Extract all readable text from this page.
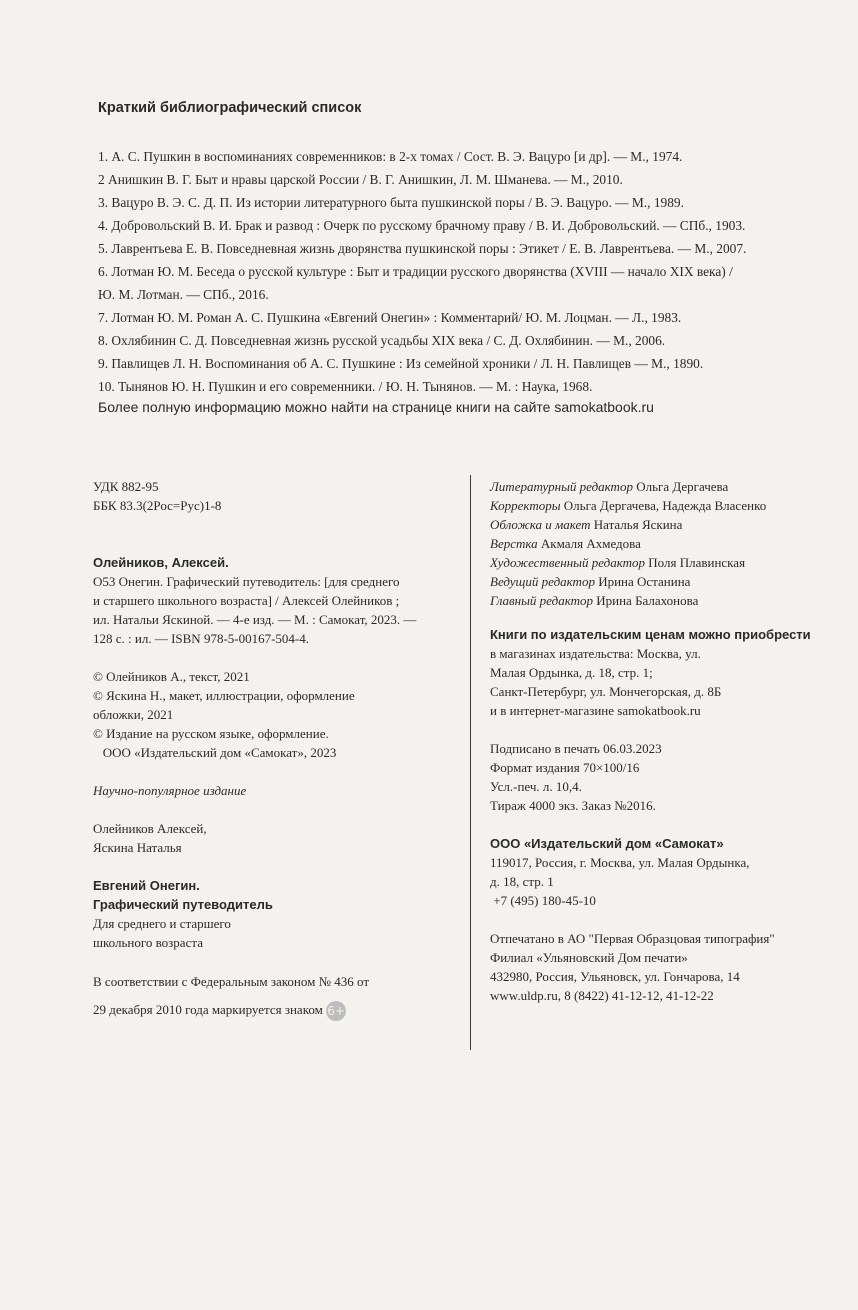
Краткий библиографический список
1. А. С. Пушкин в воспоминаниях современников: в 2-х томах / Сост. В. Э. Вацуро [и др]. — М., 1974.
2 Анишкин В. Г. Быт и нравы царской России / В. Г. Анишкин, Л. М. Шманева. — М., 2010.
3. Вацуро В. Э. С. Д. П. Из истории литературного быта пушкинской поры / В. Э. Вацуро. — М., 1989.
4. Добровольский В. И. Брак и развод : Очерк по русскому брачному праву / В. И. Добровольский. — СПб., 1903.
5. Лаврентьева Е. В. Повседневная жизнь дворянства пушкинской поры : Этикет / Е. В. Лаврентьева. — М., 2007.
6. Лотман Ю. М. Беседа о русской культуре : Быт и традиции русского дворянства (XVIII — начало XIX века) /
Ю. М. Лотман. — СПб., 2016.
7. Лотман Ю. М. Роман А. С. Пушкина «Евгений Онегин» : Комментарий/ Ю. М. Лоцман. — Л., 1983.
8. Охлябинин С. Д. Повседневная жизнь русской усадьбы XIX века / С. Д. Охлябинин. — М., 2006.
9. Павлищев Л. Н. Воспоминания об А. С. Пушкине : Из семейной хроники / Л. Н. Павлищев — М., 1890.
10. Тынянов Ю. Н. Пушкин и его современники. / Ю. Н. Тынянов. — М. : Наука, 1968.
Более полную информацию можно найти на странице книги на сайте samokatbook.ru
УДК 882-95
ББК 83.3(2Рос=Рус)1-8
Олейников, Алексей.
О53 Онегин. Графический путеводитель: [для среднего
и старшего школьного возраста] / Алексей Олейников ;
ил. Натальи Яскиной. — 4-е изд. — М. : Самокат, 2023. —
128 с. : ил. — ISBN 978-5-00167-504-4.
© Олейников А., текст, 2021
© Яскина Н., макет, иллюстрации, оформление
обложки, 2021
© Издание на русском языке, оформление.
ООО «Издательский дом «Самокат», 2023
Научно-популярное издание
Олейников Алексей,
Яскина Наталья
Евгений Онегин.
Графический путеводитель
Для среднего и старшего
школьного возраста
В соответствии с Федеральным законом № 436 от
29 декабря 2010 года маркируется знаком 6+
Литературный редактор Ольга Дергачева
Корректоры Ольга Дергачева, Надежда Власенко
Обложка и макет Наталья Яскина
Верстка Акмаля Ахмедова
Художественный редактор Поля Плавинская
Ведущий редактор Ирина Останина
Главный редактор Ирина Балахонова
Книги по издательским ценам можно приобрести
в магазинах издательства: Москва, ул.
Малая Ордынка, д. 18, стр. 1;
Санкт-Петербург, ул. Мончегорская, д. 8Б
и в интернет-магазине samokatbook.ru
Подписано в печать 06.03.2023
Формат издания 70×100/16
Усл.-печ. л. 10,4.
Тираж 4000 экз. Заказ №2016.
ООО «Издательский дом «Самокат»
119017, Россия, г. Москва, ул. Малая Ордынка,
д. 18, стр. 1
+7 (495) 180-45-10
Отпечатано в АО "Первая Образцовая типография"
Филиал «Ульяновский Дом печати»
432980, Россия, Ульяновск, ул. Гончарова, 14
www.uldp.ru, 8 (8422) 41-12-12, 41-12-22
